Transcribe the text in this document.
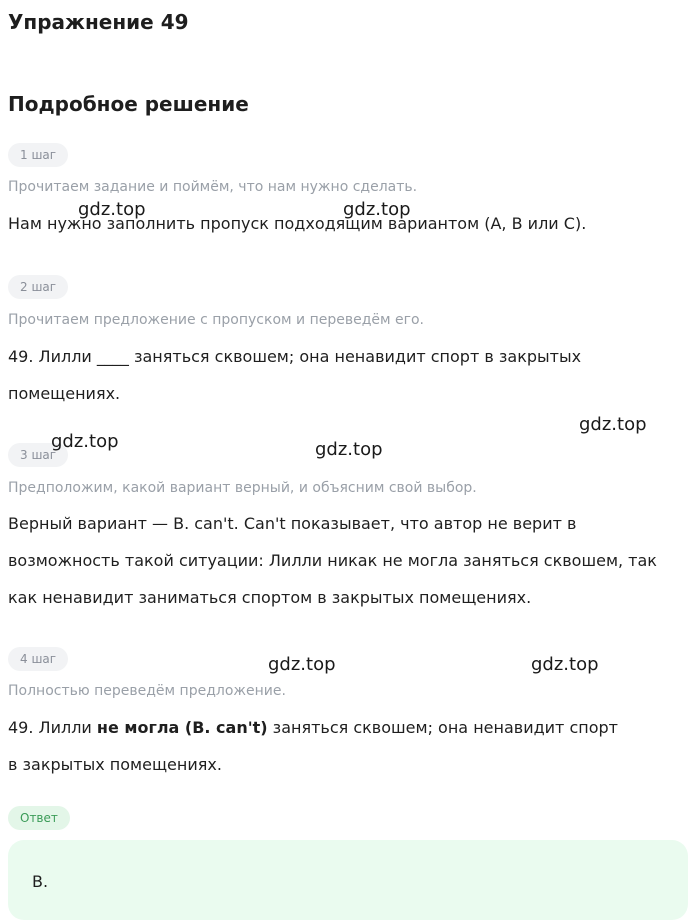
Упражнение 49
Подробное решение
1 шаг
Прочитаем задание и поймём, что нам нужно сделать.

Нам нужно заполнить пропуск подходящим вариантом (A, B или C).

2 шаг
Прочитаем предложение с пропуском и переведём его.

49. Лилли ____ заняться сквошем; она ненавидит спорт в закрытых помещениях.

3 шаг
Предположим, какой вариант верный, и объясним свой выбор.

Верный вариант — B. can't. Can't показывает, что автор не верит в возможность такой ситуации: Лилли никак не могла заняться сквошем, так как ненавидит заниматься спортом в закрытых помещениях.

4 шаг
Полностью переведём предложение.

49. Лилли не могла (B. can't) заняться сквошем; она ненавидит спорт в закрытых помещениях.

Ответ
B.
gdz.top	gdz.top
gdz.top
gdz.top	gdz.top
gdz.top	gdz.top
